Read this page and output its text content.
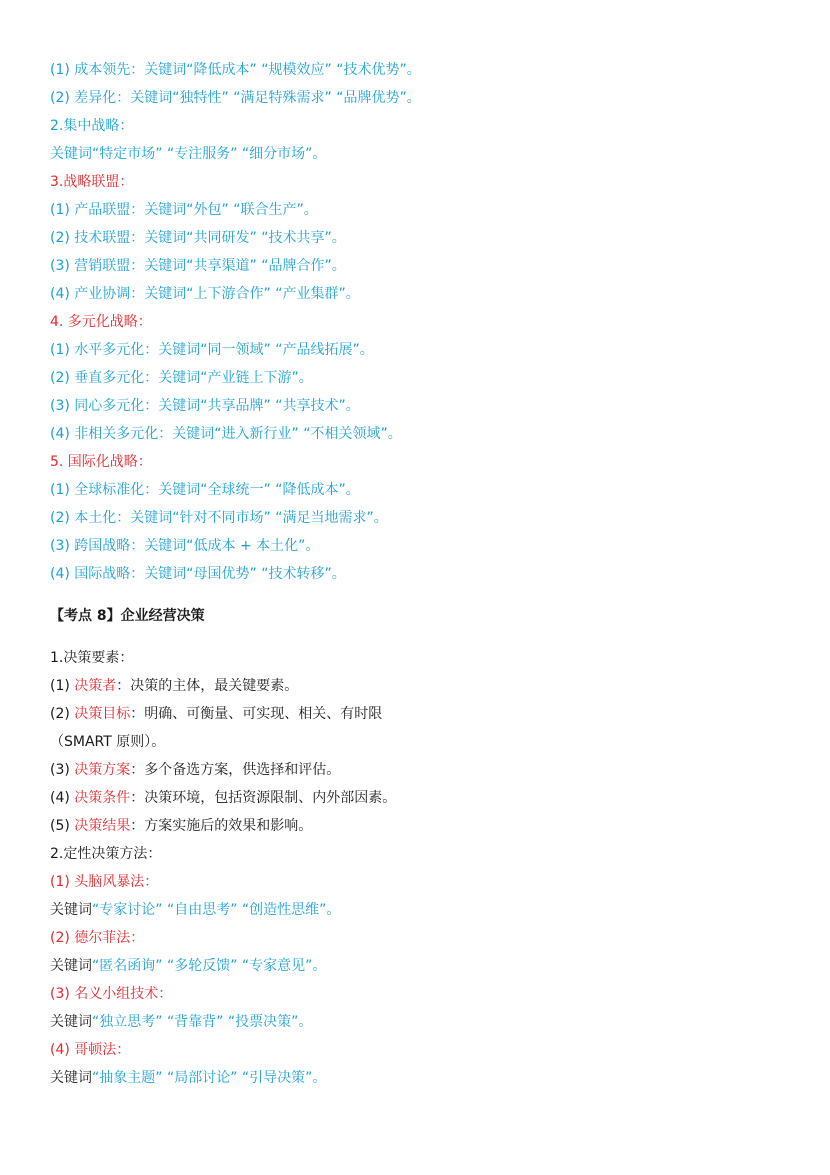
(1) 成本领先：关键词“降低成本” “规模效应” “技术优势”。
(2) 差异化：关键词“独特性” “满足特殊需求” “品牌优势”。
2.集中战略：
关键词“特定市场” “专注服务” “细分市场”。
3.战略联盟：
(1) 产品联盟：关键词“外包” “联合生产”。
(2) 技术联盟：关键词“共同研发” “技术共享”。
(3) 营销联盟：关键词“共享渠道” “品牌合作”。
(4) 产业协调：关键词“上下游合作” “产业集群”。
4. 多元化战略：
(1) 水平多元化：关键词“同一领域” “产品线拓展”。
(2) 垂直多元化：关键词“产业链上下游”。
(3) 同心多元化：关键词“共享品牌” “共享技术”。
(4) 非相关多元化：关键词“进入新行业” “不相关领域”。
5. 国际化战略：
(1) 全球标准化：关键词“全球统一” “降低成本”。
(2) 本土化：关键词“针对不同市场” “满足当地需求”。
(3) 跨国战略：关键词“低成本 + 本土化”。
(4) 国际战略：关键词“母国优势” “技术转移”。
【考点 8】企业经营决策
1.决策要素：
(1) 决策者：决策的主体，最关键要素。
(2) 决策目标：明确、可衡量、可实现、相关、有时限
（SMART 原则）。
(3) 决策方案：多个备选方案，供选择和评估。
(4) 决策条件：决策环境，包括资源限制、内外部因素。
(5) 决策结果：方案实施后的效果和影响。
2.定性决策方法：
(1) 头脑风暴法：
关键词“专家讨论” “自由思考” “创造性思维”。
(2) 德尔菲法：
关键词“匿名函询” “多轮反馈” “专家意见”。
(3) 名义小组技术：
关键词“独立思考” “背靠背” “投票决策”。
(4) 哥顿法：
关键词“抽象主题” “局部讨论” “引导决策”。
